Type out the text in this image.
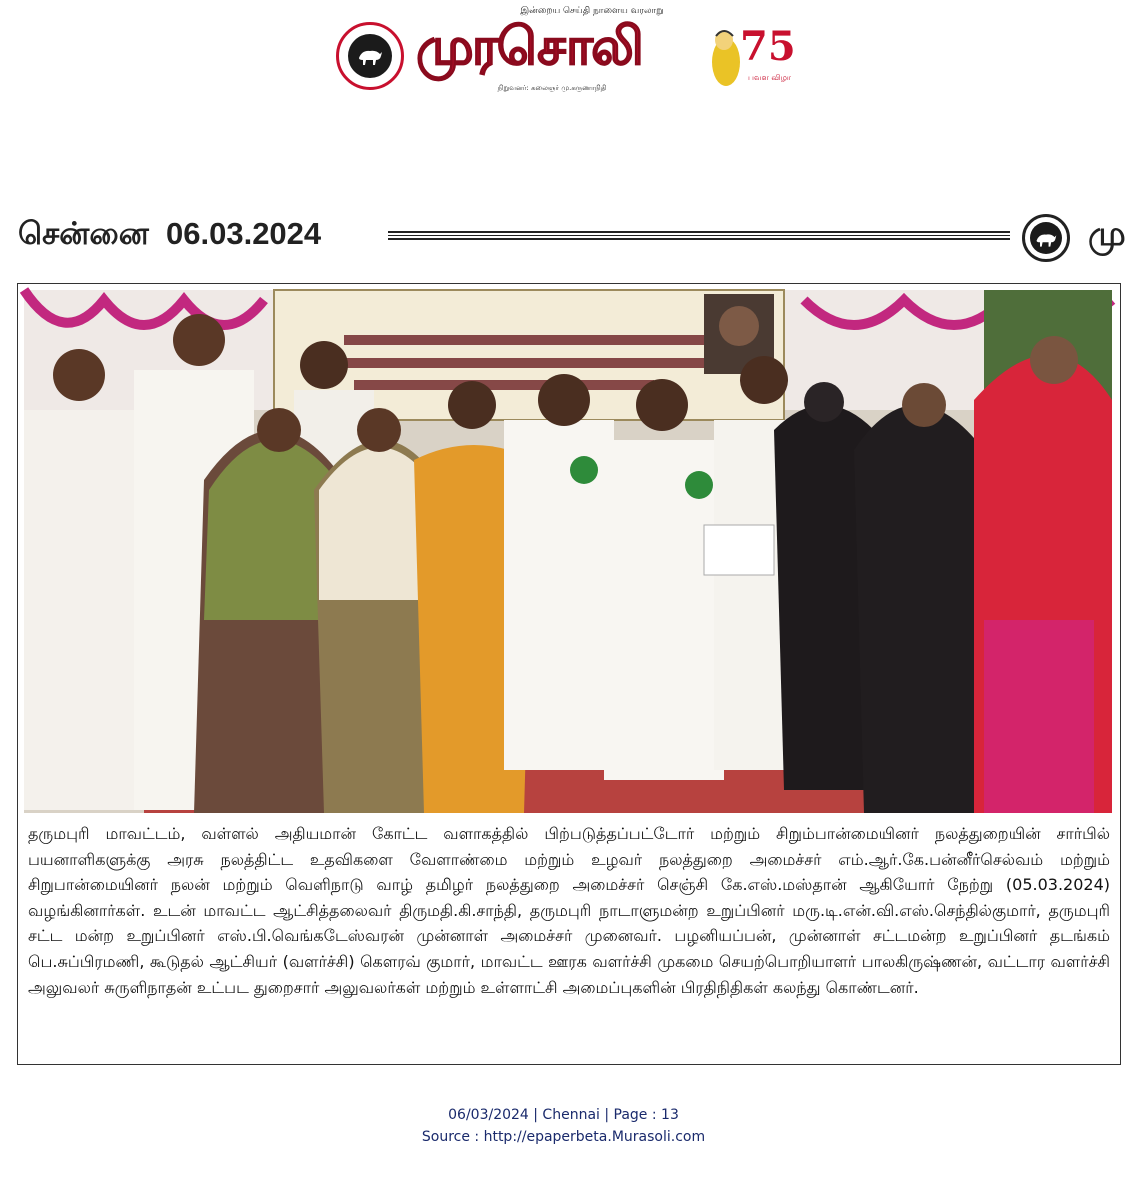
இன்றைய செய்தி நாளைய வரலாறு
முரசொலி
நிறுவனர்: கலைஞர் மு.கருணாநிதி
75
பவள விழா
சென்னை 06.03.2024	மு
தருமபுரி மாவட்டம், வள்ளல் அதியமான் கோட்ட வளாகத்தில் பிற்படுத்தப்பட்டோர் மற்றும் சிறும்பான்மையினர் நலத்துறையின் சார்பில் பயனாளிகளுக்கு அரசு நலத்திட்ட உதவிகளை வேளாண்மை மற்றும் உழவர் நலத்துறை அமைச்சர் எம்.ஆர்.கே.பன்னீர்செல்வம் மற்றும் சிறுபான்மையினர் நலன் மற்றும் வெளிநாடு வாழ் தமிழர் நலத்துறை அமைச்சர் செஞ்சி கே.எஸ்.மஸ்தான் ஆகியோர் நேற்று (05.03.2024) வழங்கினார்கள். உடன் மாவட்ட ஆட்சித்தலைவர் திருமதி.கி.சாந்தி, தருமபுரி நாடாளுமன்ற உறுப்பினர் மரு.டி.என்.வி.எஸ்.செந்தில்குமார், தருமபுரி சட்ட மன்ற உறுப்பினர் எஸ்.பி.வெங்கடேஸ்வரன் முன்னாள் அமைச்சர் முனைவர். பழனியப்பன், முன்னாள் சட்டமன்ற உறுப்பினர் தடங்கம் பெ.சுப்பிரமணி, கூடுதல் ஆட்சியர் (வளர்ச்சி) கௌரவ் குமார், மாவட்ட ஊரக வளர்ச்சி முகமை செயற்பொறியாளர் பாலகிருஷ்ணன், வட்டார வளர்ச்சி அலுவலர் சுருளிநாதன் உட்பட துறைசார் அலுவலர்கள் மற்றும் உள்ளாட்சி அமைப்புகளின் பிரதிநிதிகள் கலந்து கொண்டனர்.
06/03/2024 | Chennai | Page : 13
Source : http://epaperbeta.Murasoli.com
